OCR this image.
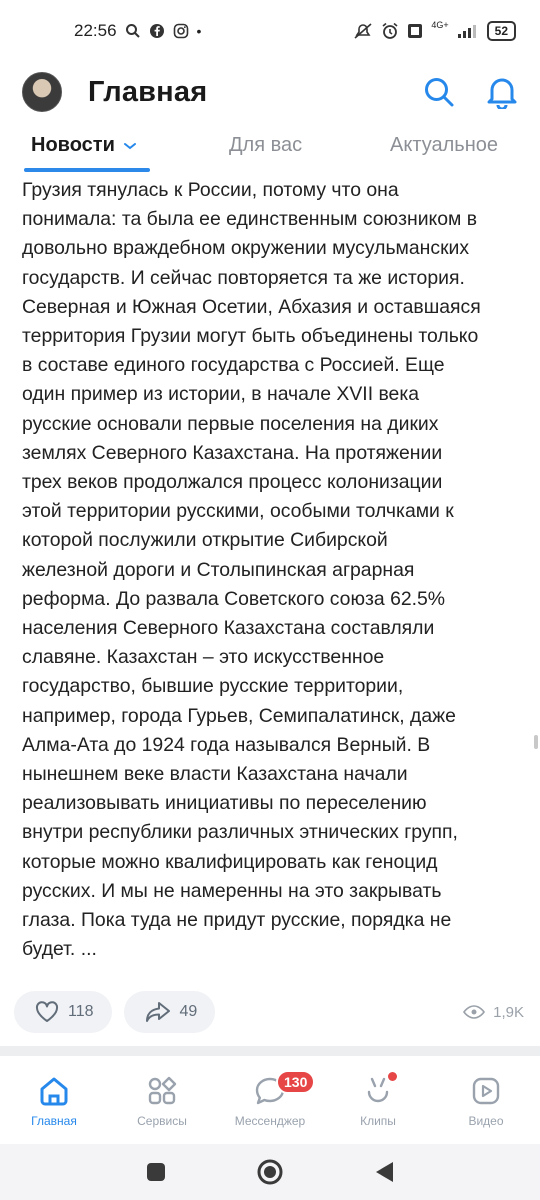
22:56	•	4G+	52
Главная
Новости	Для вас	Актуальное
Грузия тянулась к России, потому что она
понимала: та была ее единственным союзником в
довольно враждебном окружении мусульманских
государств. И сейчас повторяется та же история.
Северная и Южная Осетии, Абхазия и оставшаяся
территория Грузии могут быть объединены только
в составе единого государства с Россией. Еще
один пример из истории, в начале XVII века
русские основали первые поселения на диких
землях Северного Казахстана. На протяжении
трех веков продолжался процесс колонизации
этой территории русскими, особыми толчками к
которой послужили открытие Сибирской
железной дороги и Столыпинская аграрная
реформа. До развала Советского союза 62.5%
населения Северного Казахстана составляли
славяне. Казахстан – это искусственное
государство, бывшие русские территории,
например, города Гурьев, Семипалатинск, даже
Алма-Ата до 1924 года назывался Верный. В
нынешнем веке власти Казахстана начали
реализовывать инициативы по переселению
внутри республики различных этнических групп,
которые можно квалифицировать как геноцид
русских. И мы не намеренны на это закрывать
глаза. Пока туда не придут русские, порядка не
будет. ...
118	49	1,9K
Главная	Сервисы
130
Мессенджер	Клипы	Видео
